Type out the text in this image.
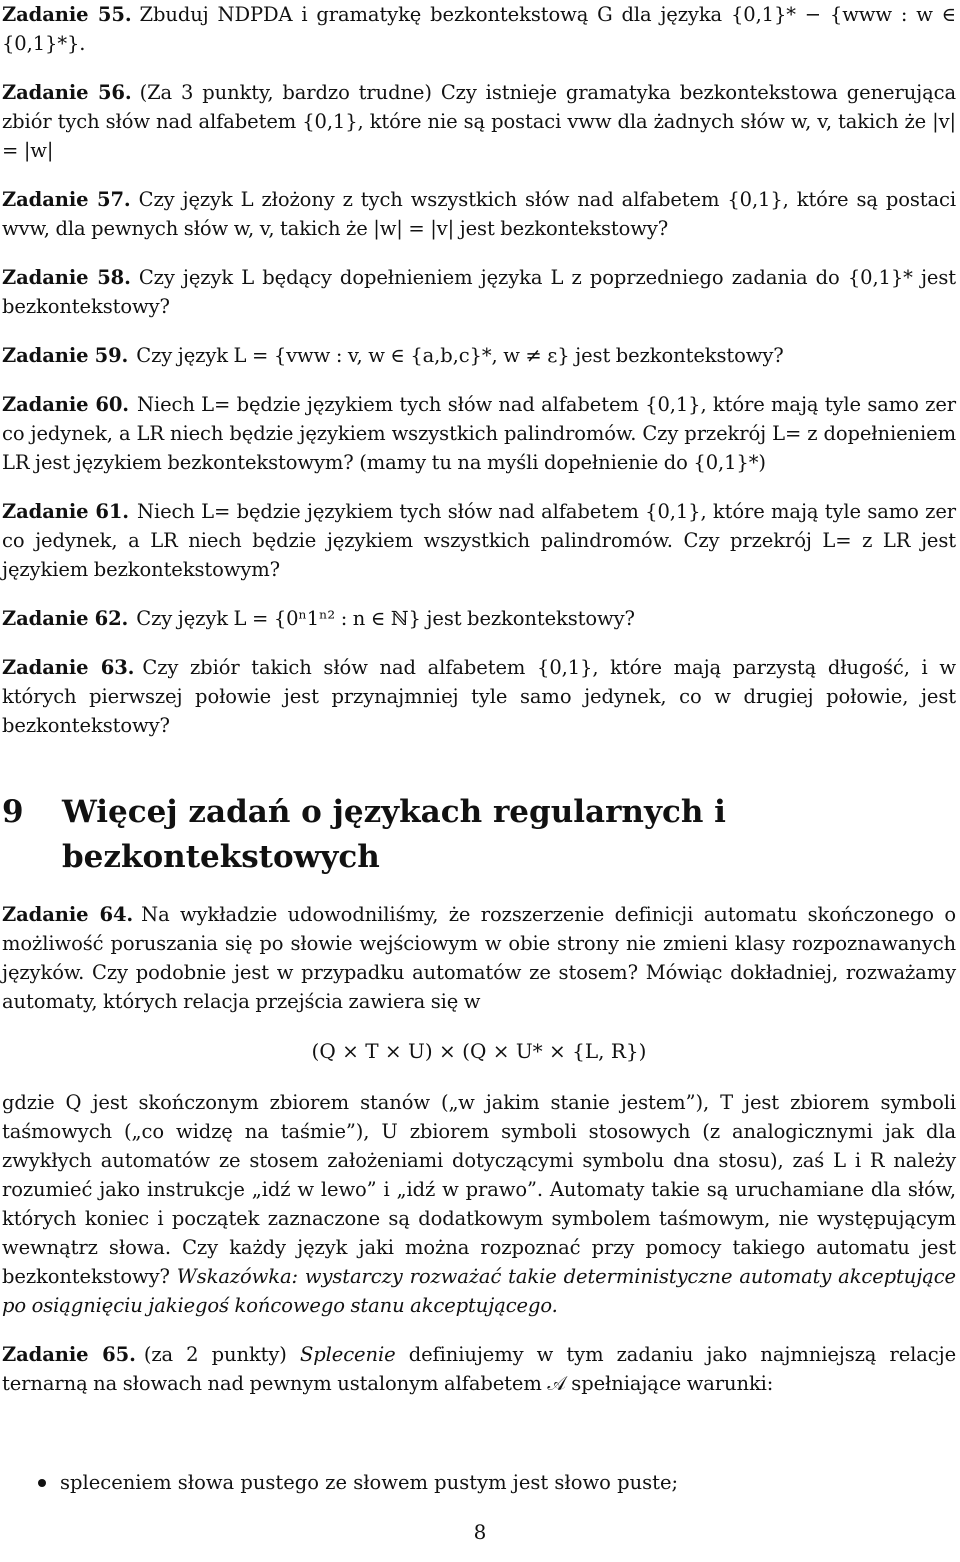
Zadanie 55. Zbuduj NDPDA i gramatykę bezkontekstową G dla języka {0,1}* − {www : w ∈ {0,1}*}.

Zadanie 56. (Za 3 punkty, bardzo trudne) Czy istnieje gramatyka bezkontekstowa generująca zbiór tych słów nad alfabetem {0,1}, które nie są postaci vww dla żadnych słów w, v, takich że |v| = |w|

Zadanie 57. Czy język L złożony z tych wszystkich słów nad alfabetem {0,1}, które są postaci wvw, dla pewnych słów w, v, takich że |w| = |v| jest bezkontekstowy?

Zadanie 58. Czy język L będący dopełnieniem języka L z poprzedniego zadania do {0,1}* jest bezkontekstowy?

Zadanie 59. Czy język L = {vww : v, w ∈ {a,b,c}*, w ≠ ε} jest bezkontekstowy?

Zadanie 60. Niech L= będzie językiem tych słów nad alfabetem {0,1}, które mają tyle samo zer co jedynek, a LR niech będzie językiem wszystkich palindromów. Czy przekrój L= z dopełnieniem LR jest językiem bezkontekstowym? (mamy tu na myśli dopełnienie do {0,1}*)

Zadanie 61. Niech L= będzie językiem tych słów nad alfabetem {0,1}, które mają tyle samo zer co jedynek, a LR niech będzie językiem wszystkich palindromów. Czy przekrój L= z LR jest językiem bezkontekstowym?

Zadanie 62. Czy język L = {0ⁿ1ⁿ² : n ∈ ℕ} jest bezkontekstowy?

Zadanie 63. Czy zbiór takich słów nad alfabetem {0,1}, które mają parzystą długość, i w których pierwszej połowie jest przynajmniej tyle samo jedynek, co w drugiej połowie, jest bezkontekstowy?

9	Więcej zadań o językach regularnych i bezkontekstowych

Zadanie 64. Na wykładzie udowodniliśmy, że rozszerzenie definicji automatu skończonego o możliwość poruszania się po słowie wejściowym w obie strony nie zmieni klasy rozpoznawanych języków. Czy podobnie jest w przypadku automatów ze stosem? Mówiąc dokładniej, rozważamy automaty, których relacja przejścia zawiera się w

(Q × T × U) × (Q × U* × {L, R})

gdzie Q jest skończonym zbiorem stanów („w jakim stanie jestem”), T jest zbiorem symboli taśmowych („co widzę na taśmie”), U zbiorem symboli stosowych (z analogicznymi jak dla zwykłych automatów ze stosem założeniami dotyczącymi symbolu dna stosu), zaś L i R należy rozumieć jako instrukcje „idź w lewo” i „idź w prawo”. Automaty takie są uruchamiane dla słów, których koniec i początek zaznaczone są dodatkowym symbolem taśmowym, nie występującym wewnątrz słowa. Czy każdy język jaki można rozpoznać przy pomocy takiego automatu jest bezkontekstowy? Wskazówka: wystarczy rozważać takie deterministyczne automaty akceptujące po osiągnięciu jakiegoś końcowego stanu akceptującego.

Zadanie 65. (za 2 punkty) Splecenie definiujemy w tym zadaniu jako najmniejszą relacje ternarną na słowach nad pewnym ustalonym alfabetem 𝒜 spełniające warunki:

spleceniem słowa pustego ze słowem pustym jest słowo puste;
8
